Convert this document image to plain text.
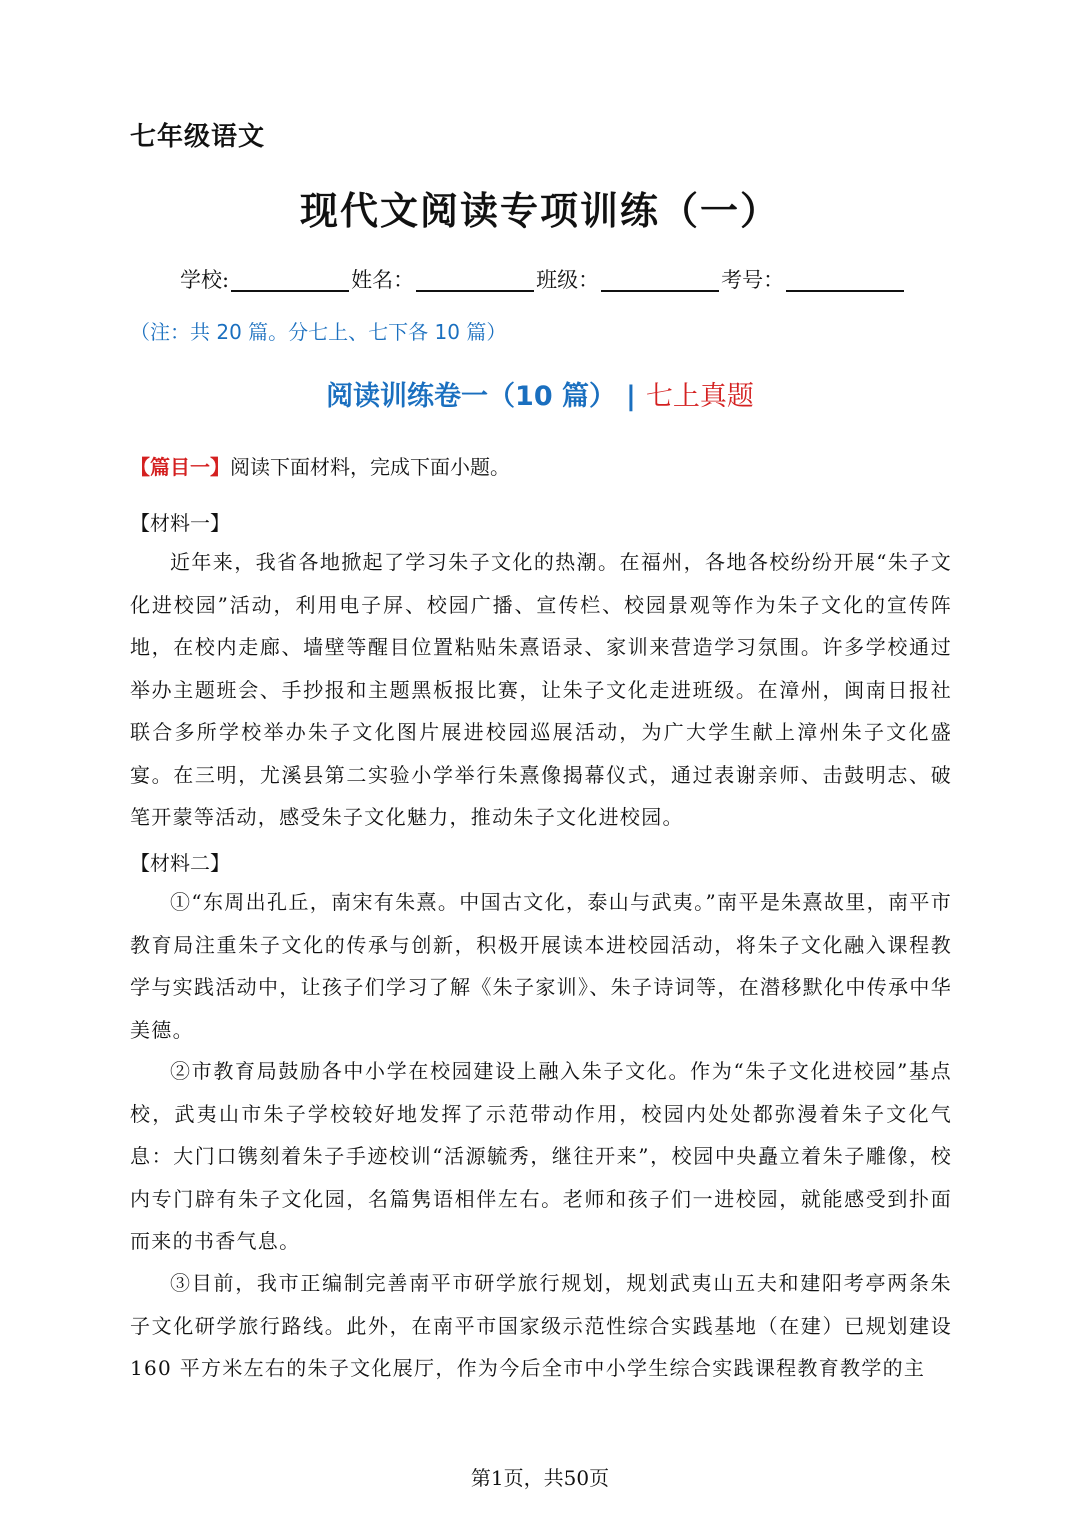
七年级语文
现代文阅读专项训练（一）
学校:	姓名：	班级：	考号：
（注：共 20 篇。分七上、七下各 10 篇）
阅读训练卷一（10 篇） | 七上真题
【篇目一】阅读下面材料，完成下面小题。
【材料一】
近年来，我省各地掀起了学习朱子文化的热潮。在福州，各地各校纷纷开展“朱子文化进校园”活动，利用电子屏、校园广播、宣传栏、校园景观等作为朱子文化的宣传阵地，在校内走廊、墙壁等醒目位置粘贴朱熹语录、家训来营造学习氛围。许多学校通过举办主题班会、手抄报和主题黑板报比赛，让朱子文化走进班级。在漳州，闽南日报社联合多所学校举办朱子文化图片展进校园巡展活动，为广大学生献上漳州朱子文化盛宴。在三明，尤溪县第二实验小学举行朱熹像揭幕仪式，通过表谢亲师、击鼓明志、破笔开蒙等活动，感受朱子文化魅力，推动朱子文化进校园。
【材料二】
①“东周出孔丘，南宋有朱熹。中国古文化，泰山与武夷。”南平是朱熹故里，南平市教育局注重朱子文化的传承与创新，积极开展读本进校园活动，将朱子文化融入课程教学与实践活动中，让孩子们学习了解《朱子家训》、朱子诗词等，在潜移默化中传承中华美德。
②市教育局鼓励各中小学在校园建设上融入朱子文化。作为“朱子文化进校园”基点校，武夷山市朱子学校较好地发挥了示范带动作用，校园内处处都弥漫着朱子文化气息：大门口镌刻着朱子手迹校训“活源毓秀，继往开来”，校园中央矗立着朱子雕像，校内专门辟有朱子文化园，名篇隽语相伴左右。老师和孩子们一进校园，就能感受到扑面而来的书香气息。
③目前，我市正编制完善南平市研学旅行规划，规划武夷山五夫和建阳考亭两条朱子文化研学旅行路线。此外，在南平市国家级示范性综合实践基地（在建）已规划建设 160 平方米左右的朱子文化展厅，作为今后全市中小学生综合实践课程教育教学的主
第1页，共50页
